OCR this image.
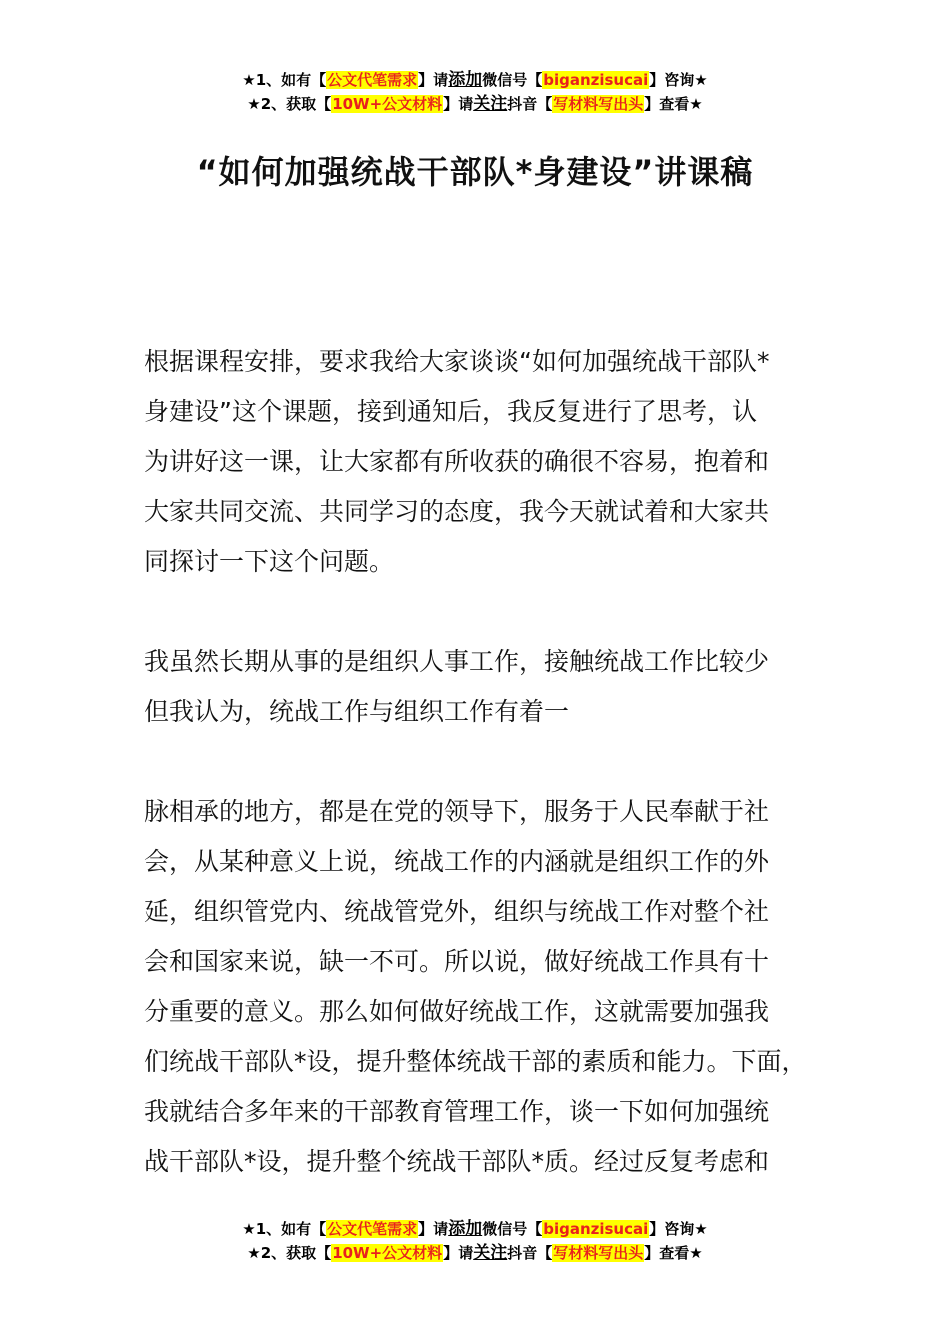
★1、如有【公文代笔需求】请添加微信号【biganzisucai】咨询★
★2、获取【10W+公文材料】请关注抖音【写材料写出头】查看★
“如何加强统战干部队*身建设”讲课稿

根据课程安排，要求我给大家谈谈“如何加强统战干部队*
身建设”这个课题，接到通知后，我反复进行了思考，认
为讲好这一课，让大家都有所收获的确很不容易，抱着和
大家共同交流、共同学习的态度，我今天就试着和大家共
同探讨一下这个问题。

我虽然长期从事的是组织人事工作，接触统战工作比较少
但我认为，统战工作与组织工作有着一

脉相承的地方，都是在党的领导下，服务于人民奉献于社
会，从某种意义上说，统战工作的内涵就是组织工作的外
延，组织管党内、统战管党外，组织与统战工作对整个社
会和国家来说，缺一不可。所以说，做好统战工作具有十
分重要的意义。那么如何做好统战工作，这就需要加强我
们统战干部队*设，提升整体统战干部的素质和能力。下面，
我就结合多年来的干部教育管理工作，谈一下如何加强统
战干部队*设，提升整个统战干部队*质。经过反复考虑和

★1、如有【公文代笔需求】请添加微信号【biganzisucai】咨询★
★2、获取【10W+公文材料】请关注抖音【写材料写出头】查看★
